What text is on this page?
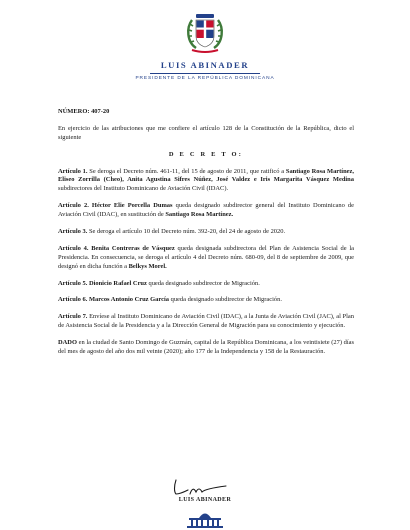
LUIS ABINADER
PRESIDENTE DE LA REPÚBLICA DOMINICANA

NÚMERO: 407-20

En ejercicio de las atribuciones que me confiere el artículo 128 de la Constitución de la República, dicto el siguiente

D E C R E T O:

Artículo 1. Se deroga el Decreto núm. 461-11, del 15 de agosto de 2011, que ratificó a Santiago Rosa Martínez, Eliseo Zorrilla (Cheo), Anita Agustina Sifres Núñez, José Valdez e Iris Margarita Vásquez Medina subdirectores del Instituto Dominicano de Aviación Civil (IDAC).

Artículo 2. Héctor Elie Porcella Dumas queda designado subdirector general del Instituto Dominicano de Aviación Civil (IDAC), en sustitución de Santiago Rosa Martínez.

Artículo 3. Se deroga el artículo 10 del Decreto núm. 392-20, del 24 de agosto de 2020.

Artículo 4. Benita Contreras de Vásquez queda designada subdirectora del Plan de Asistencia Social de la Presidencia. En consecuencia, se deroga el artículo 4 del Decreto núm. 680-09, del 8 de septiembre de 2009, que designó en dicha función a Belkys Morel.

Artículo 5. Dionicio Rafael Cruz queda designado subdirector de Migración.

Artículo 6. Marcos Antonio Cruz García queda designado subdirector de Migración.

Artículo 7. Envíese al Instituto Dominicano de Aviación Civil (IDAC), a la Junta de Aviación Civil (JAC), al Plan de Asistencia Social de la Presidencia y a la Dirección General de Migración para su conocimiento y ejecución.

DADO en la ciudad de Santo Domingo de Guzmán, capital de la República Dominicana, a los veintisiete (27) días del mes de agosto del año dos mil veinte (2020); año 177 de la Independencia y 158 de la Restauración.

LUIS ABINADER
